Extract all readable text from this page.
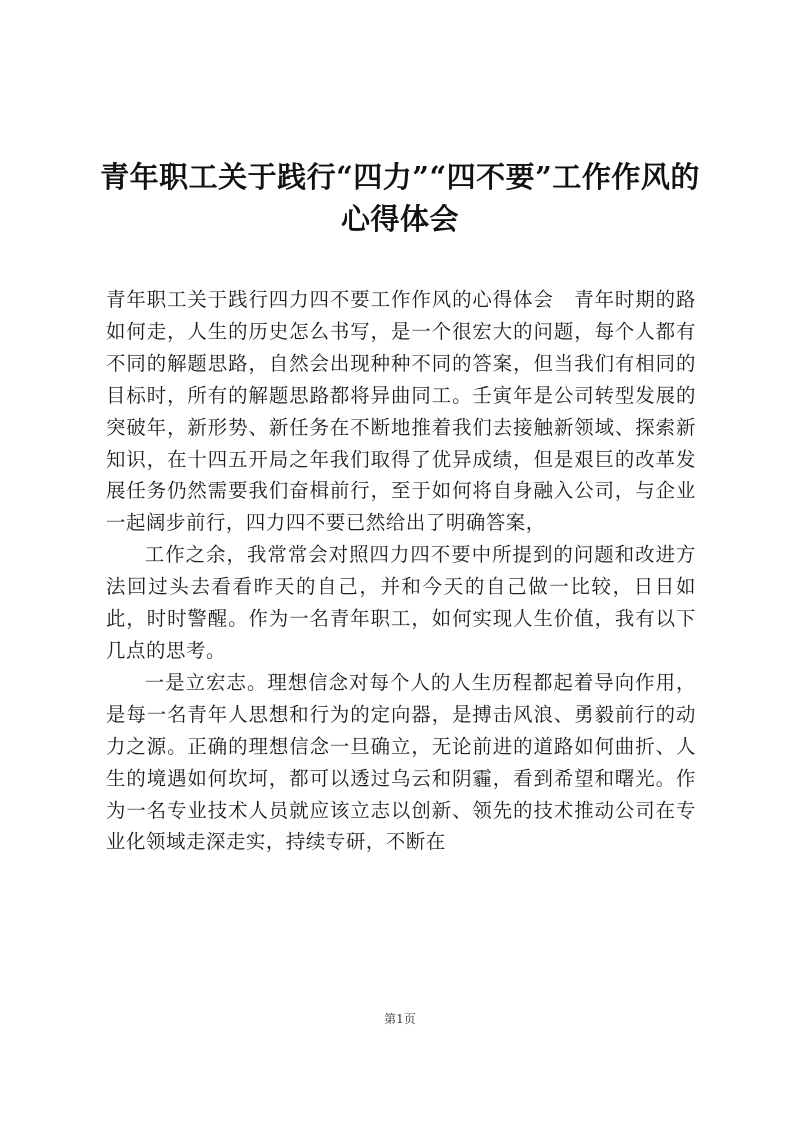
青年职工关于践行“四力”“四不要”工作作风的心得体会

青年职工关于践行四力四不要工作作风的心得体会　青年时期的路如何走，人生的历史怎么书写，是一个很宏大的问题，每个人都有不同的解题思路，自然会出现种种不同的答案，但当我们有相同的目标时，所有的解题思路都将异曲同工。壬寅年是公司转型发展的突破年，新形势、新任务在不断地推着我们去接触新领域、探索新知识，在十四五开局之年我们取得了优异成绩，但是艰巨的改革发展任务仍然需要我们奋楫前行，至于如何将自身融入公司，与企业一起阔步前行，四力四不要已然给出了明确答案，

工作之余，我常常会对照四力四不要中所提到的问题和改进方法回过头去看看昨天的自己，并和今天的自己做一比较，日日如此，时时警醒。作为一名青年职工，如何实现人生价值，我有以下几点的思考。

一是立宏志。理想信念对每个人的人生历程都起着导向作用，是每一名青年人思想和行为的定向器，是搏击风浪、勇毅前行的动力之源。正确的理想信念一旦确立，无论前进的道路如何曲折、人生的境遇如何坎坷，都可以透过乌云和阴霾，看到希望和曙光。作为一名专业技术人员就应该立志以创新、领先的技术推动公司在专业化领域走深走实，持续专研，不断在

第1页
